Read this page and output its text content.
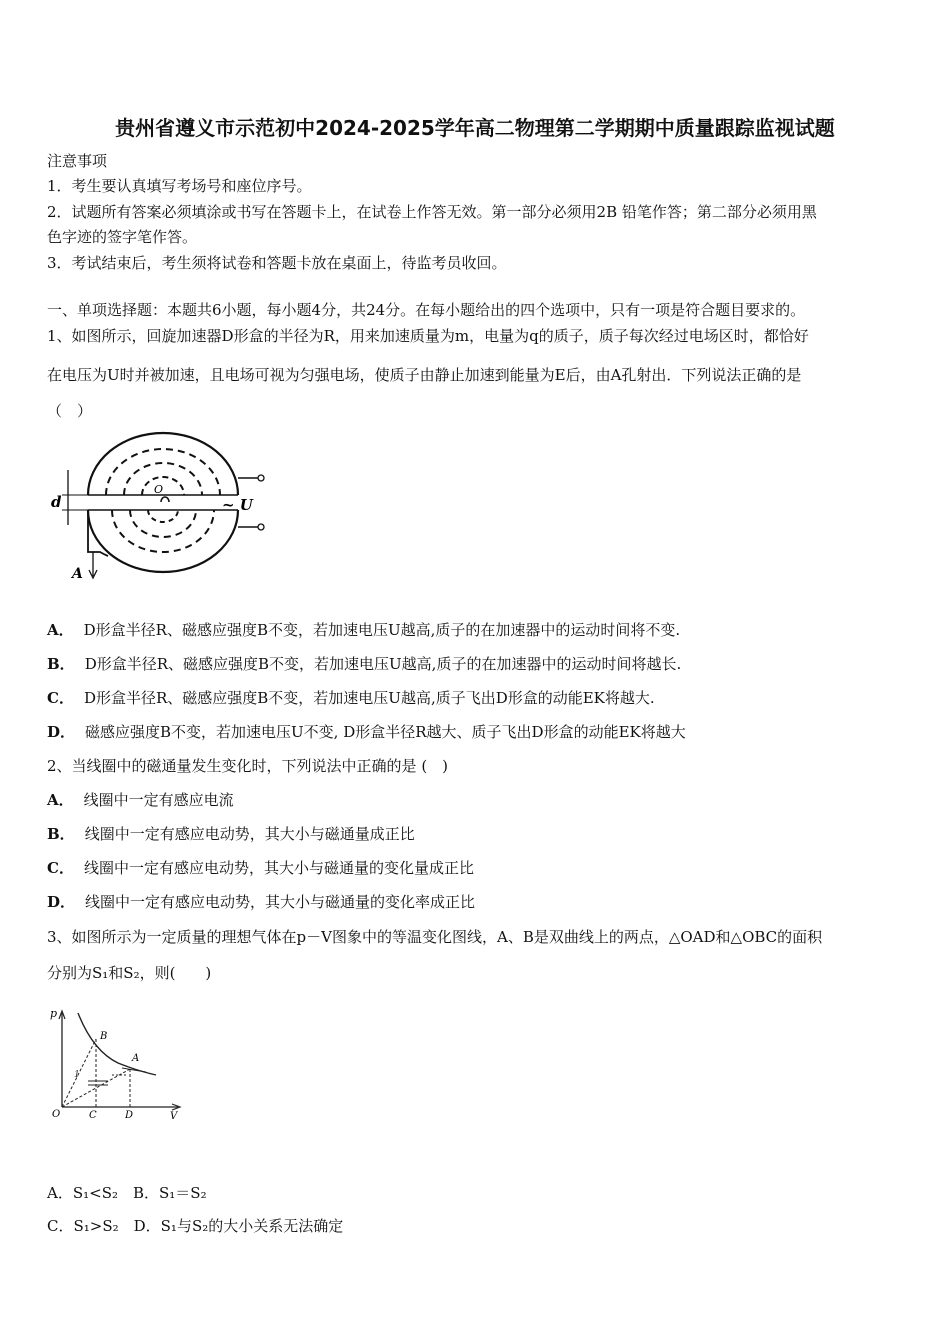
贵州省遵义市示范初中2024-2025学年高二物理第二学期期中质量跟踪监视试题
注意事项
1．考生要认真填写考场号和座位序号。
2．试题所有答案必须填涂或书写在答题卡上，在试卷上作答无效。第一部分必须用2B 铅笔作答；第二部分必须用黑
色字迹的签字笔作答。
3．考试结束后，考生须将试卷和答题卡放在桌面上，待监考员收回。
一、单项选择题：本题共6小题，每小题4分，共24分。在每小题给出的四个选项中，只有一项是符合题目要求的。
1、如图所示，回旋加速器D形盒的半径为R，用来加速质量为m，电量为q的质子，质子每次经过电场区时，都恰好
在电压为U时并被加速，且电场可视为匀强电场，使质子由静止加速到能量为E后，由A孔射出．下列说法正确的是
（　）
O
~ U
d
A
A． D形盒半径R、磁感应强度B不变，若加速电压U越高,质子的在加速器中的运动时间将不变.
B． D形盒半径R、磁感应强度B不变，若加速电压U越高,质子的在加速器中的运动时间将越长.
C． D形盒半径R、磁感应强度B不变，若加速电压U越高,质子飞出D形盒的动能EK将越大.
D． 磁感应强度B不变，若加速电压U不变, D形盒半径R越大、质子飞出D形盒的动能EK将越大
2、当线圈中的磁通量发生变化时，下列说法中正确的是 (　)
A． 线圈中一定有感应电流
B． 线圈中一定有感应电动势，其大小与磁通量成正比
C． 线圈中一定有感应电动势，其大小与磁通量的变化量成正比
D． 线圈中一定有感应电动势，其大小与磁通量的变化率成正比
3、如图所示为一定质量的理想气体在p－V图象中的等温变化图线，A、B是双曲线上的两点，△OAD和△OBC的面积
分别为S₁和S₂，则(　　)
p
V
O	C	D
B
A
1
A．S₁<S₂　B．S₁＝S₂
C．S₁>S₂　D．S₁与S₂的大小关系无法确定
